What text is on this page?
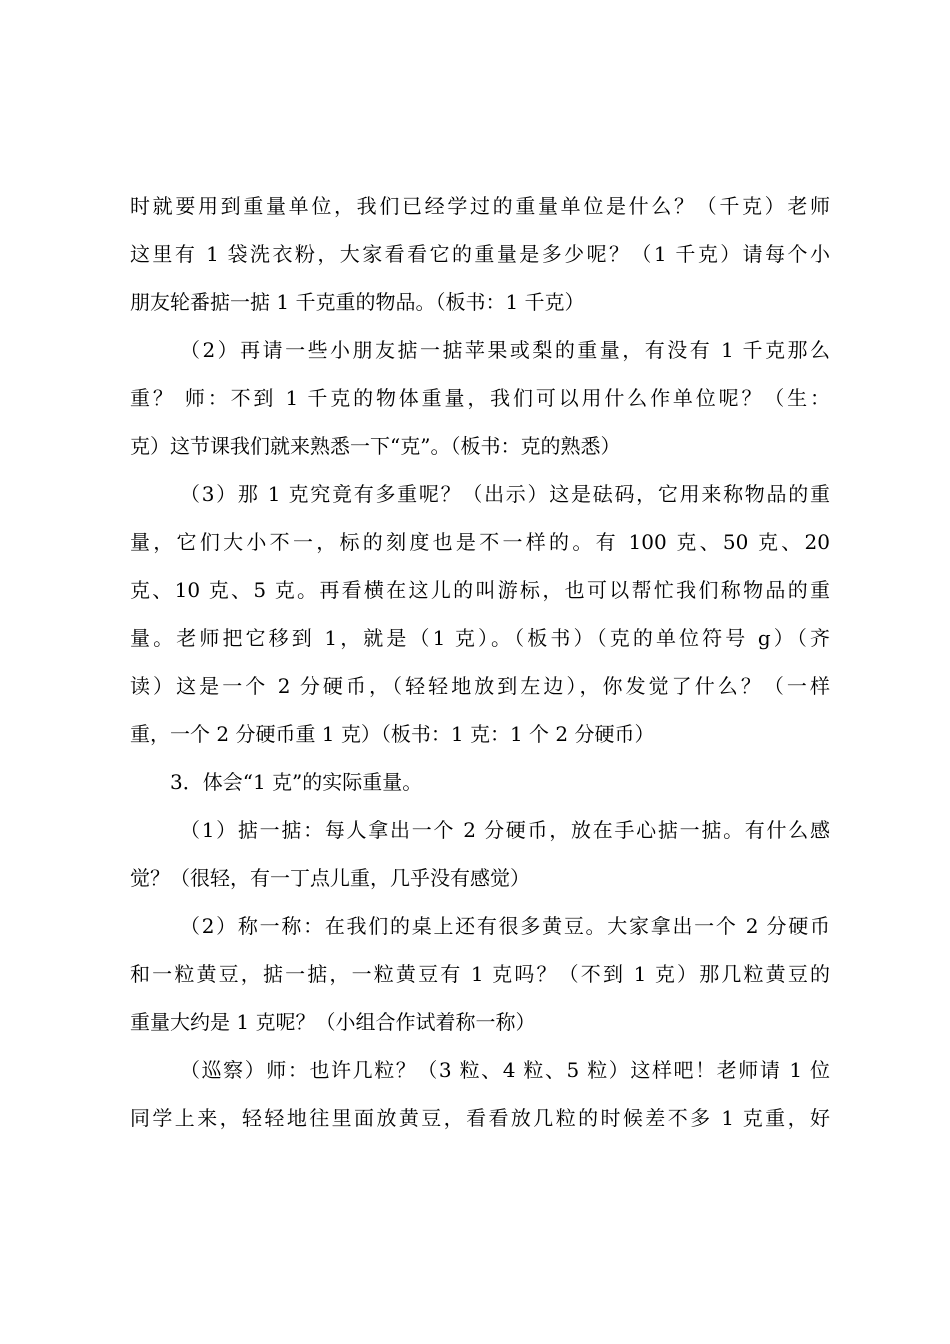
时就要用到重量单位，我们已经学过的重量单位是什么？（千克）老师
这里有 1 袋洗衣粉，大家看看它的重量是多少呢？（1 千克）请每个小
朋友轮番掂一掂 1 千克重的物品。（板书：1 千克）
（2）再请一些小朋友掂一掂苹果或梨的重量，有没有 1 千克那么
重？ 师：不到 1 千克的物体重量，我们可以用什么作单位呢？（生：
克）这节课我们就来熟悉一下“克”。（板书：克的熟悉）
（3）那 1 克究竟有多重呢？（出示）这是砝码，它用来称物品的重
量，它们大小不一，标的刻度也是不一样的。有 100 克、50 克、20
克、10 克、5 克。再看横在这儿的叫游标，也可以帮忙我们称物品的重
量。老师把它移到 1，就是（1 克）。（板书）（克的单位符号 g）（齐
读）这是一个 2 分硬币，（轻轻地放到左边），你发觉了什么？（一样
重，一个 2 分硬币重 1 克）（板书：1 克：1 个 2 分硬币）
3．体会“1 克”的实际重量。
（1）掂一掂：每人拿出一个 2 分硬币，放在手心掂一掂。有什么感
觉？（很轻，有一丁点儿重，几乎没有感觉）
（2）称一称：在我们的桌上还有很多黄豆。大家拿出一个 2 分硬币
和一粒黄豆，掂一掂，一粒黄豆有 1 克吗？（不到 1 克）那几粒黄豆的
重量大约是 1 克呢？（小组合作试着称一称）
（巡察）师：也许几粒？（3 粒、4 粒、5 粒）这样吧！老师请 1 位
同学上来，轻轻地往里面放黄豆，看看放几粒的时候差不多 1 克重，好
